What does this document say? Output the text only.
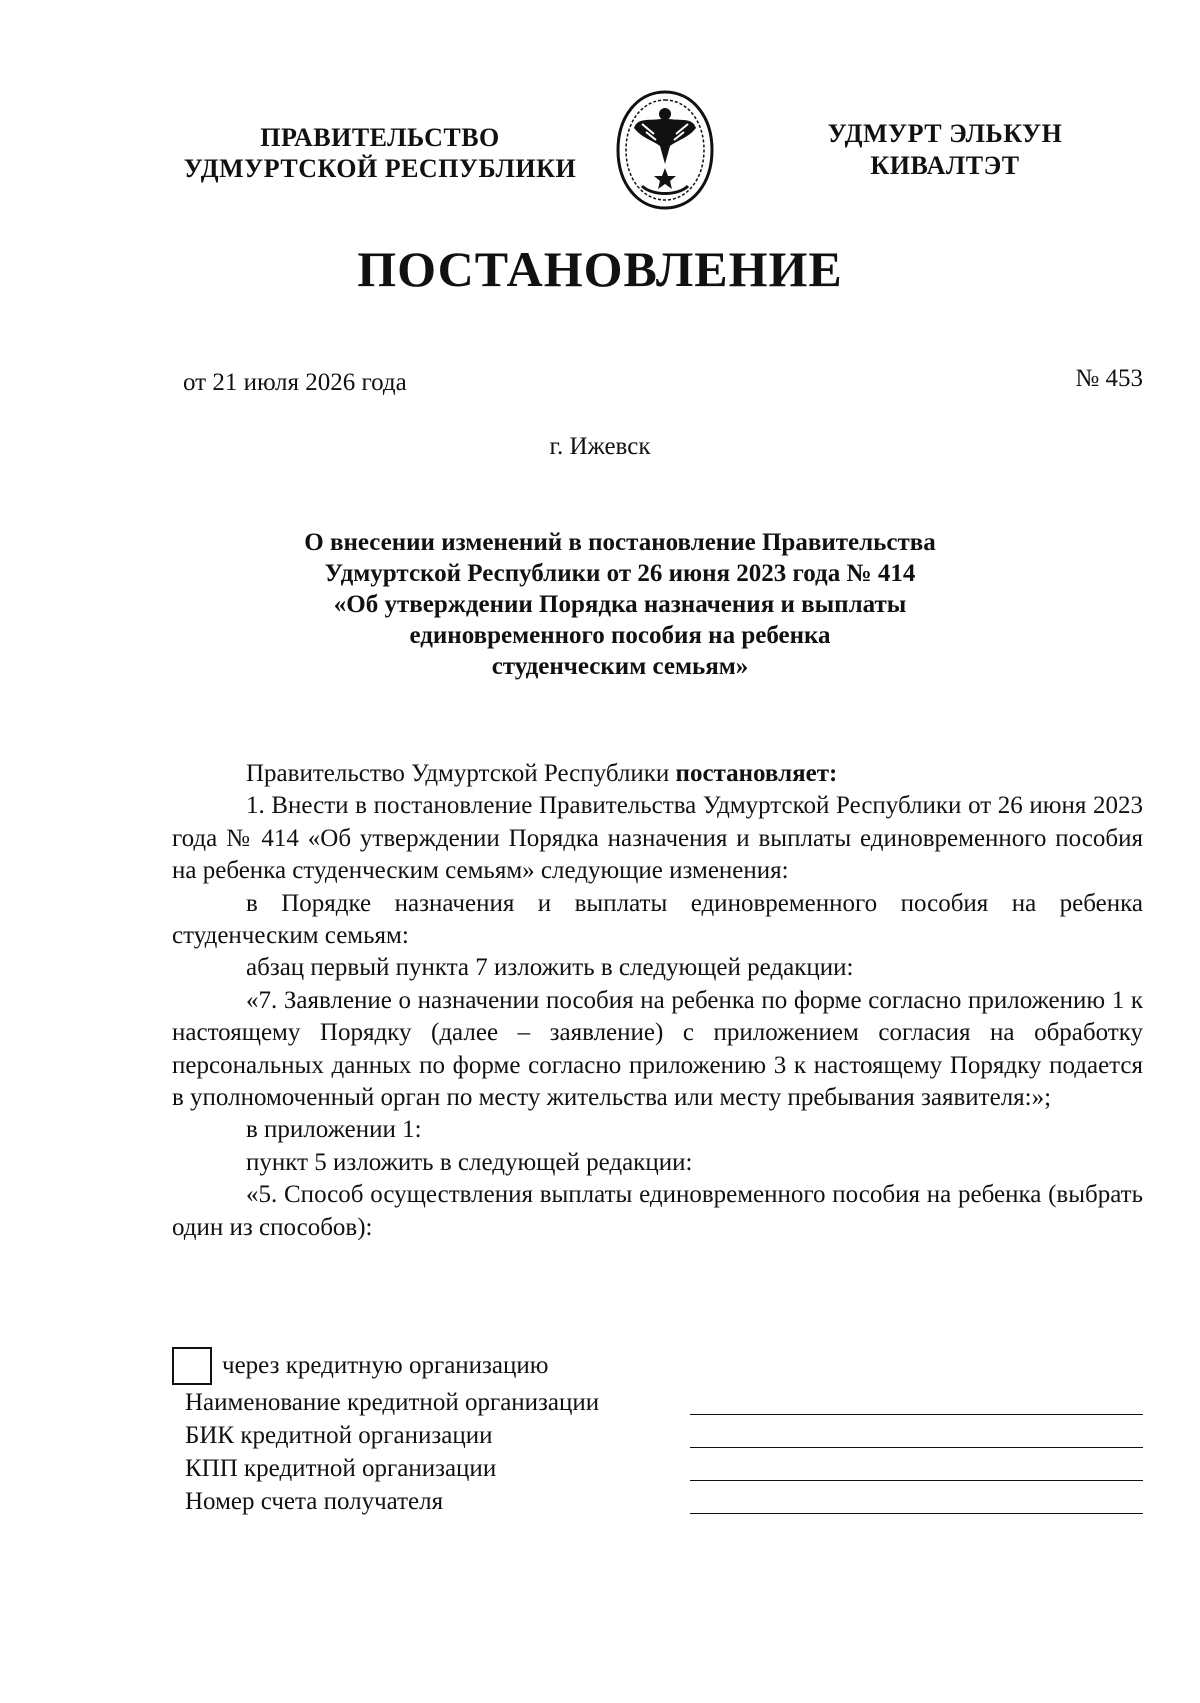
ПРАВИТЕЛЬСТВО
УДМУРТСКОЙ РЕСПУБЛИКИ
УДМУРТ ЭЛЬКУН
КИВАЛТЭТ
ПОСТАНОВЛЕНИЕ
от 21 июля 2026 года	№ 453
г. Ижевск
О внесении изменений в постановление Правительства
Удмуртской Республики от 26 июня 2023 года № 414
«Об утверждении Порядка назначения и выплаты
единовременного пособия на ребенка
студенческим семьям»

Правительство Удмуртской Республики постановляет:

1. Внести в постановление Правительства Удмуртской Республики от 26 июня 2023 года № 414 «Об утверждении Порядка назначения и выплаты единовременного пособия на ребенка студенческим семьям» следующие изменения:

в Порядке назначения и выплаты единовременного пособия на ребенка студенческим семьям:

абзац первый пункта 7 изложить в следующей редакции:

«7. Заявление о назначении пособия на ребенка по форме согласно приложению 1 к настоящему Порядку (далее – заявление) с приложением согласия на обработку персональных данных по форме согласно приложению 3 к настоящему Порядку подается в уполномоченный орган по месту жительства или месту пребывания заявителя:»;

в приложении 1:

пункт 5 изложить в следующей редакции:

«5. Способ осуществления выплаты единовременного пособия на ребенка (выбрать один из способов):

через кредитную организацию
Наименование кредитной организации
БИК кредитной организации
КПП кредитной организации
Номер счета получателя
